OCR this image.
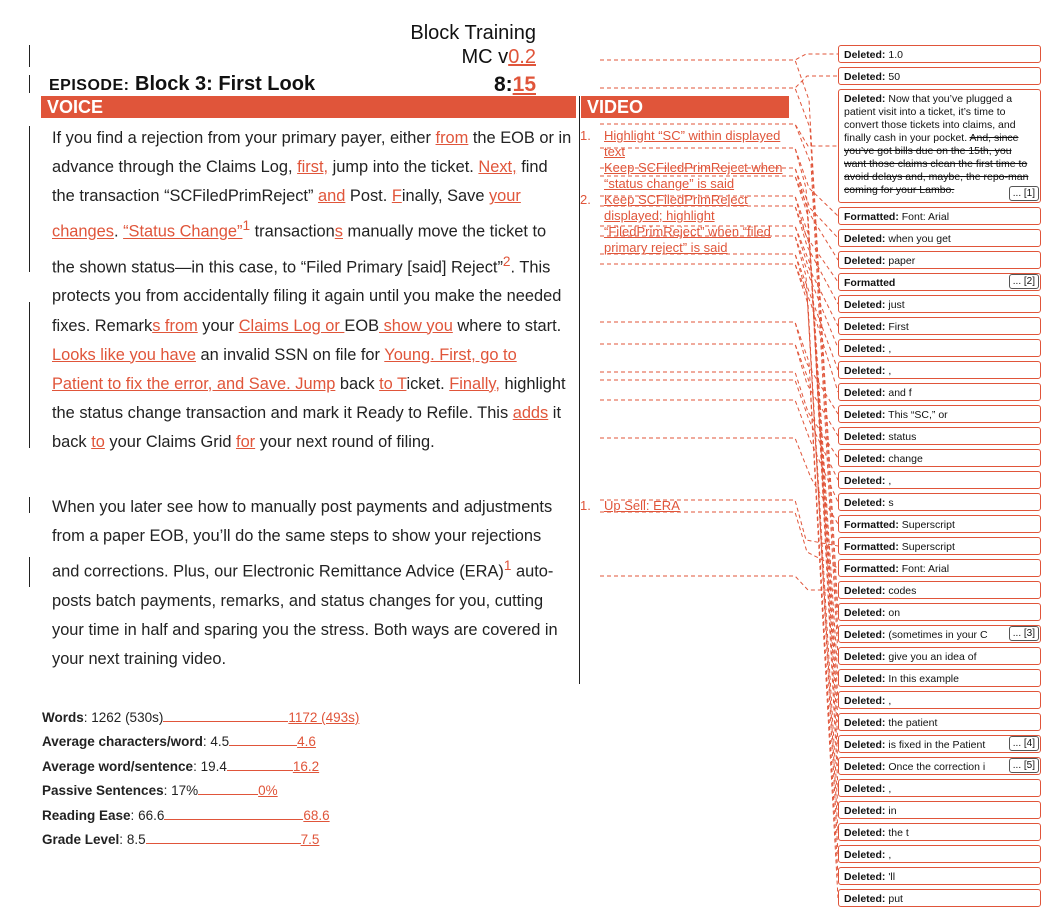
Block Training
MC v0.2
EPISODE: Block 3: First Look	8:15
VOICE	VIDEO
If you find a rejection from your primary payer, either from the EOB or in advance through the Claims Log, first, jump into the ticket. Next, find the transaction “SCFiledPrimReject” and Post. Finally, Save your changes. “Status Change”$^1$ transactions manually move the ticket to the shown status—in this case, to “Filed Primary [said] Reject”$^2$. This protects you from accidentally filing it again until you make the needed fixes. Remarks from your Claims Log or EOB show you where to start. Looks like you have an invalid SSN on file for Young. First, go to Patient to fix the error, and Save. Jump back to Ticket. Finally, highlight the status change transaction and mark it Ready to Refile. This adds it back to your Claims Grid for your next round of filing.
When you later see how to manually post payments and adjustments from a paper EOB, you’ll do the same steps to show your rejections and corrections. Plus, our Electronic Remittance Advice (ERA)$^1$ auto-posts batch payments, remarks, and status changes for you, cutting your time in half and sparing you the stress. Both ways are covered in your next training video.
1.	Highlight “SC” within displayed text
Keep SCFiledPrimReject when “status change” is said
2.	Keep SCFiledPrimReject displayed; highlight “FiledPrimReject” when “filed primary reject” is said
1.	Up Sell: ERA
Words: 1262 (530s)	1172 (493s)
Average characters/word: 4.5	4.6
Average word/sentence: 19.4	16.2
Passive Sentences: 17%	0%
Reading Ease: 66.6	68.6
Grade Level: 8.5	7.5
Deleted: 1.0
Deleted: 50
Deleted: Now that you’ve plugged a patient visit into a ticket, it’s time to convert those tickets into claims, and finally cash in your pocket. And, since you’ve got bills due on the 15th, you want those claims clean the first time to avoid delays and, maybe, the repo-man coming for your Lambo.	... [1]
Formatted: Font: Arial
Deleted: when you get
Deleted: paper
Formatted	... [2]
Deleted: just
Deleted: First
Deleted: ,
Deleted: ,
Deleted: and f
Deleted: This “SC,” or
Deleted: status
Deleted: change
Deleted: ,
Deleted: s
Formatted: Superscript
Formatted: Superscript
Formatted: Font: Arial
Deleted: codes
Deleted: on
Deleted: (sometimes in your C	... [3]
Deleted: give you an idea of
Deleted: In this example
Deleted: ,
Deleted: the patient
Deleted: is fixed in the Patient	... [4]
Deleted: Once the correction i	... [5]
Deleted: ,
Deleted: in
Deleted: the t
Deleted: ,
Deleted: 'll
Deleted: put
